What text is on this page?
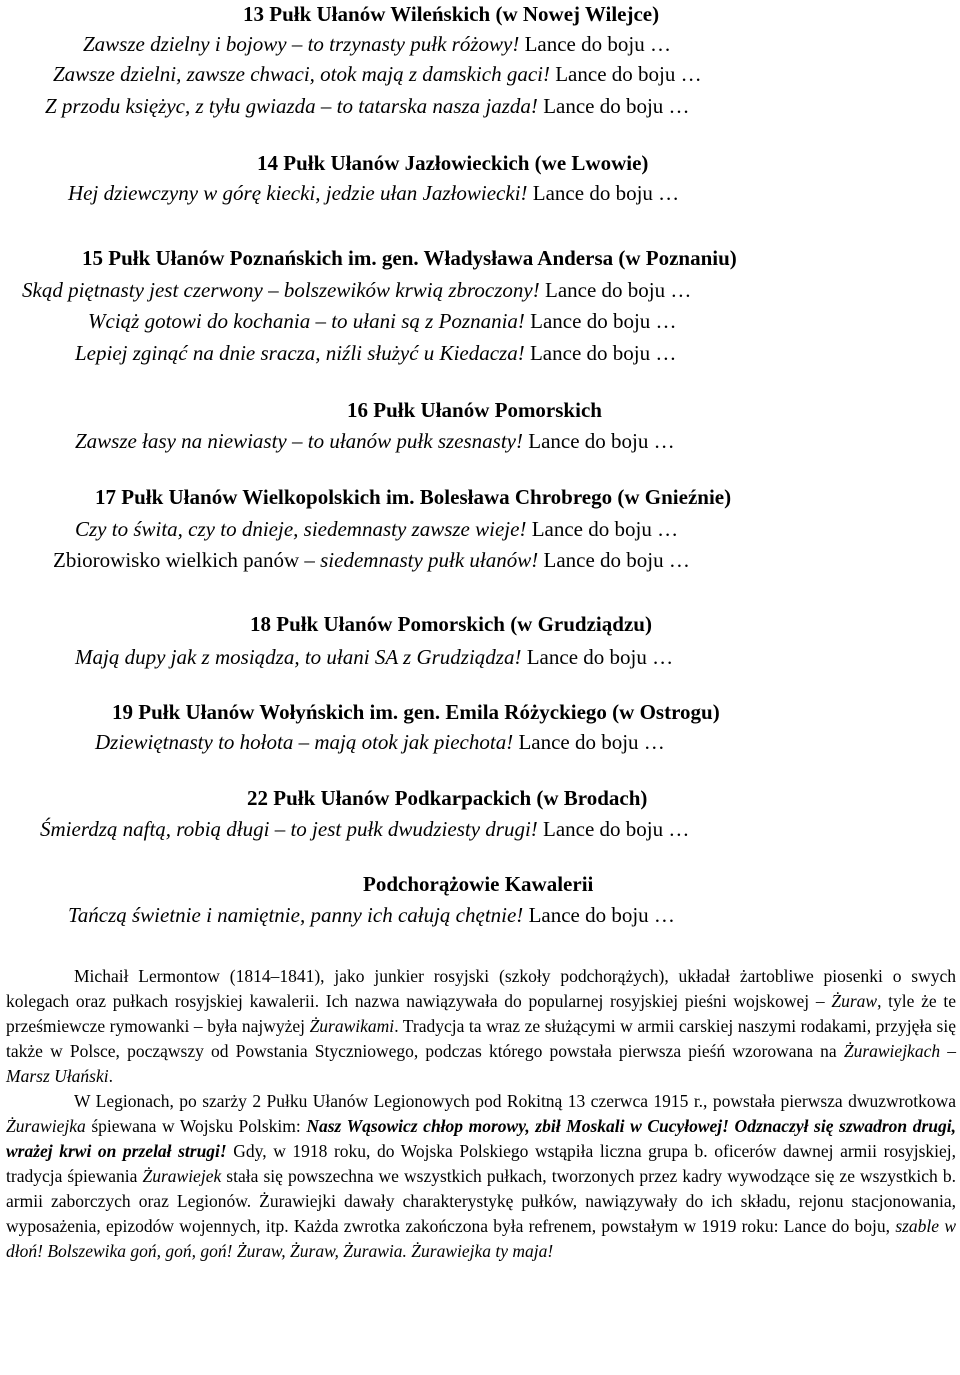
13 Pułk Ułanów Wileńskich (w Nowej Wilejce)
Zawsze dzielny i bojowy – to trzynasty pułk różowy! Lance do boju …
Zawsze dzielni, zawsze chwaci, otok mają z damskich gaci! Lance do boju …
Z przodu księżyc, z tyłu gwiazda – to tatarska nasza jazda! Lance do boju …
14 Pułk Ułanów Jazłowieckich (we Lwowie)
Hej dziewczyny w górę kiecki, jedzie ułan Jazłowiecki! Lance do boju …
15 Pułk Ułanów Poznańskich im. gen. Władysława Andersa (w Poznaniu)
Skąd piętnasty jest czerwony – bolszewików krwią zbroczony! Lance do boju …
Wciąż gotowi do kochania – to ułani są z Poznania! Lance do boju …
Lepiej zginąć na dnie sracza, niźli służyć u Kiedacza! Lance do boju …
16 Pułk Ułanów Pomorskich
Zawsze łasy na niewiasty – to ułanów pułk szesnasty! Lance do boju …
17 Pułk Ułanów Wielkopolskich im. Bolesława Chrobrego (w Gnieźnie)
Czy to świta, czy to dnieje, siedemnasty zawsze wieje! Lance do boju …
Zbiorowisko wielkich panów – siedemnasty pułk ułanów! Lance do boju …
18 Pułk Ułanów Pomorskich (w Grudziądzu)
Mają dupy jak z mosiądza, to ułani SA z Grudziądza! Lance do boju …
19 Pułk Ułanów Wołyńskich im. gen. Emila Różyckiego (w Ostrogu)
Dziewiętnasty to hołota – mają otok jak piechota! Lance do boju …
22 Pułk Ułanów Podkarpackich (w Brodach)
Śmierdzą naftą, robią długi – to jest pułk dwudziesty drugi! Lance do boju …
Podchorążowie Kawalerii
Tańczą świetnie i namiętnie, panny ich całują chętnie! Lance do boju …

Michaił Lermontow (1814–1841), jako junkier rosyjski (szkoły podchorążych), układał żartobliwe piosenki o swych kolegach oraz pułkach rosyjskiej kawalerii. Ich nazwa nawiązywała do popularnej rosyjskiej pieśni wojskowej – Żuraw, tyle że te prześmiewcze rymowanki – była najwyżej Żurawikami. Tradycja ta wraz ze służącymi w armii carskiej naszymi rodakami, przyjęła się także w Polsce, począwszy od Powstania Styczniowego, podczas którego powstała pierwsza pieśń wzorowana na Żurawiejkach – Marsz Ułański.

W Legionach, po szarży 2 Pułku Ułanów Legionowych pod Rokitną 13 czerwca 1915 r., powstała pierwsza dwuzwrotkowa Żurawiejka śpiewana w Wojsku Polskim: Nasz Wąsowicz chłop morowy, zbił Moskali w Cucyłowej! Odznaczył się szwadron drugi, wrażej krwi on przelał strugi! Gdy, w 1918 roku, do Wojska Polskiego wstąpiła liczna grupa b. oficerów dawnej armii rosyjskiej, tradycja śpiewania Żurawiejek stała się powszechna we wszystkich pułkach, tworzonych przez kadry wywodzące się ze wszystkich b. armii zaborczych oraz Legionów. Żurawiejki dawały charakterystykę pułków, nawiązywały do ich składu, rejonu stacjonowania, wyposażenia, epizodów wojennych, itp. Każda zwrotka zakończona była refrenem, powstałym w 1919 roku: Lance do boju, szable w dłoń! Bolszewika goń, goń, goń! Żuraw, Żuraw, Żurawia. Żurawiejka ty maja!
